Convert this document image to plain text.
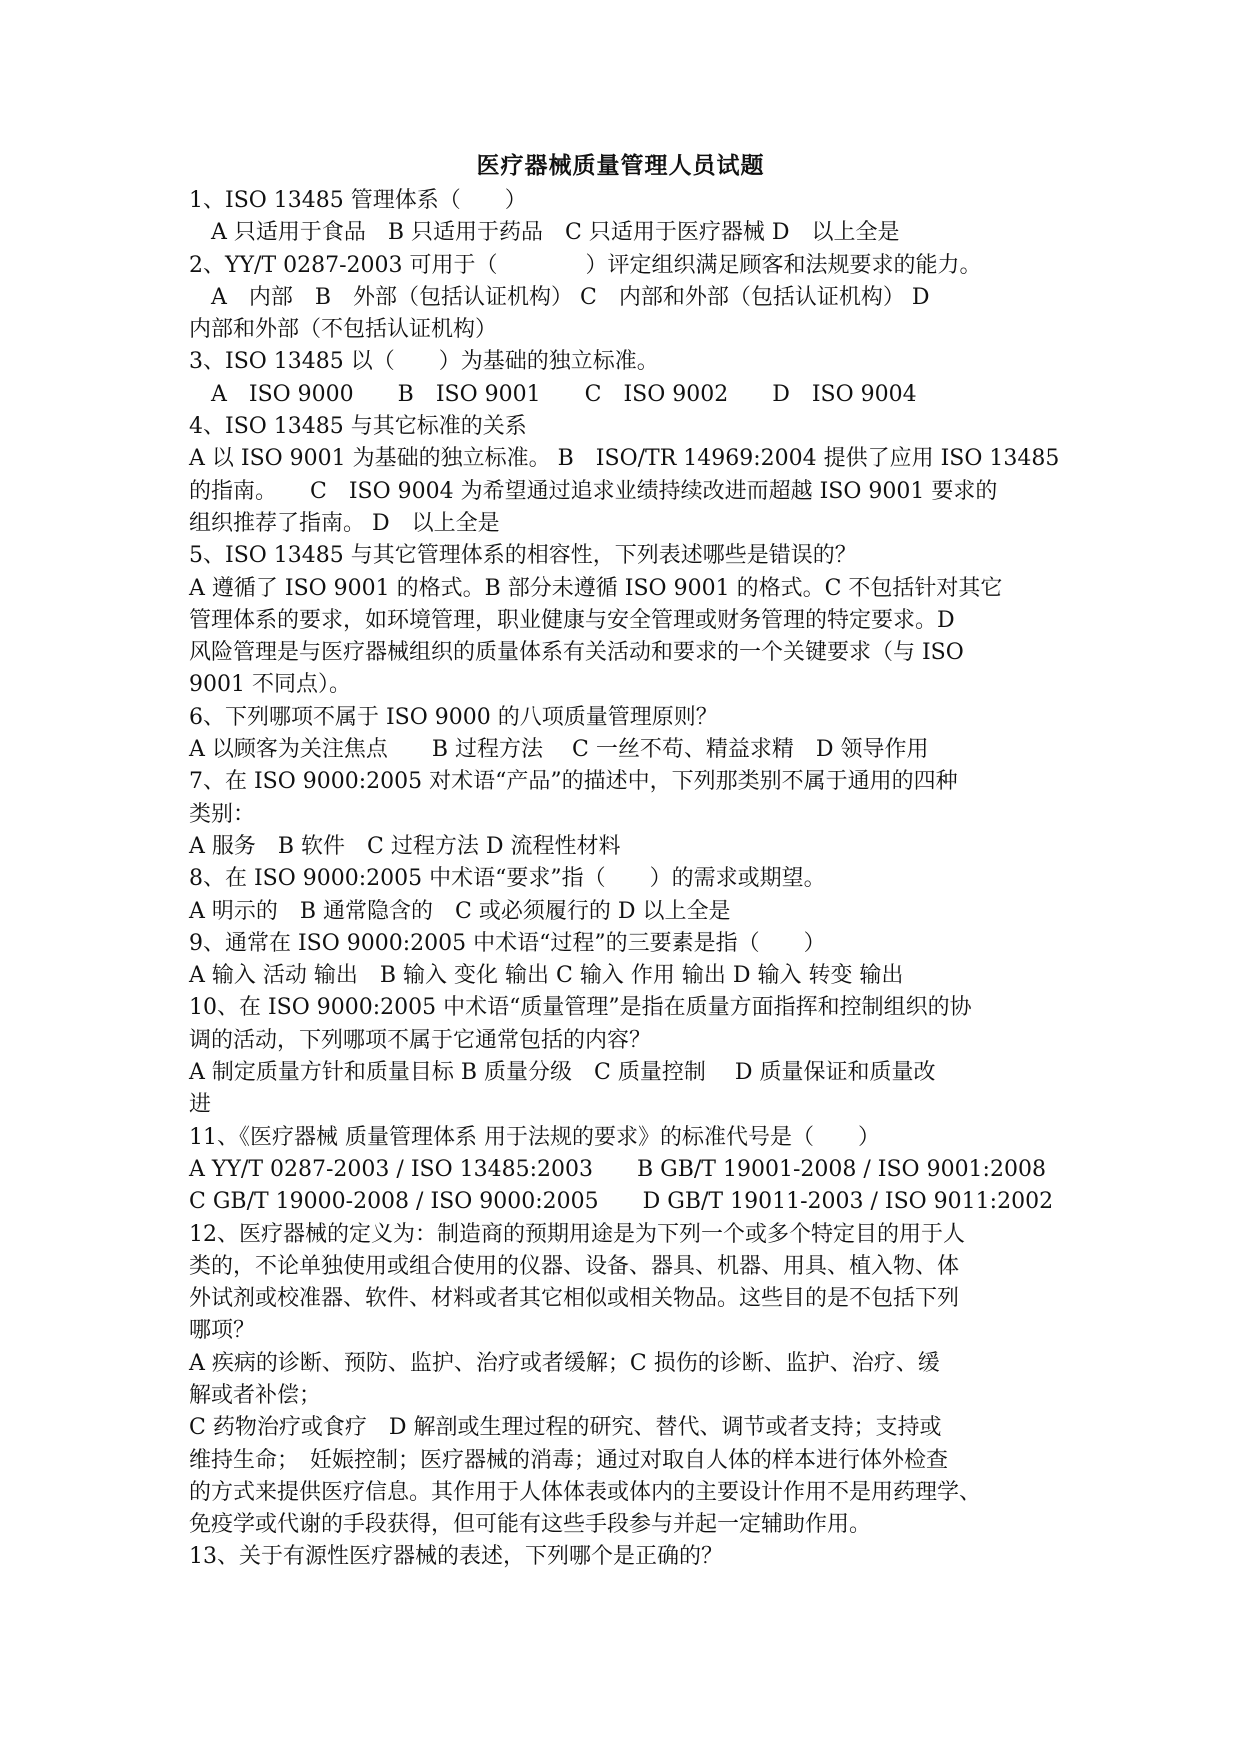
医疗器械质量管理人员试题
1、ISO 13485 管理体系（　　）
　A 只适用于食品　B 只适用于药品　C 只适用于医疗器械 D　以上全是
2、YY/T 0287-2003 可用于（　　　　）评定组织满足顾客和法规要求的能力。
　A　内部　B　外部（包括认证机构） C　内部和外部（包括认证机构） D
内部和外部（不包括认证机构）
3、ISO 13485 以（　　）为基础的独立标准。
　A　ISO 9000　　B　ISO 9001　　C　ISO 9002　　D　ISO 9004
4、ISO 13485 与其它标准的关系
A 以 ISO 9001 为基础的独立标准。 B　ISO/TR 14969:2004 提供了应用 ISO 13485
的指南。　　C　ISO 9004 为希望通过追求业绩持续改进而超越 ISO 9001 要求的
组织推荐了指南。 D　以上全是
5、ISO 13485 与其它管理体系的相容性，下列表述哪些是错误的？
A 遵循了 ISO 9001 的格式。B 部分未遵循 ISO 9001 的格式。C 不包括针对其它
管理体系的要求，如环境管理，职业健康与安全管理或财务管理的特定要求。D
风险管理是与医疗器械组织的质量体系有关活动和要求的一个关键要求（与 ISO
9001 不同点）。
6、下列哪项不属于 ISO 9000 的八项质量管理原则？
A 以顾客为关注焦点　　B 过程方法　 C 一丝不苟、精益求精　D 领导作用
7、在 ISO 9000:2005 对术语“产品”的描述中，下列那类别不属于通用的四种
类别：
A 服务　B 软件　C 过程方法 D 流程性材料
8、在 ISO 9000:2005 中术语“要求”指（　　）的需求或期望。
A 明示的　B 通常隐含的　C 或必须履行的 D 以上全是
9、通常在 ISO 9000:2005 中术语“过程”的三要素是指（　　）
A 输入 活动 输出　B 输入 变化 输出 C 输入 作用 输出 D 输入 转变 输出
10、在 ISO 9000:2005 中术语“质量管理”是指在质量方面指挥和控制组织的协
调的活动，下列哪项不属于它通常包括的内容？
A 制定质量方针和质量目标 B 质量分级　C 质量控制　 D 质量保证和质量改
进
11、《医疗器械 质量管理体系 用于法规的要求》的标准代号是（　　）
A YY/T 0287-2003 / ISO 13485:2003　　B GB/T 19001-2008 / ISO 9001:2008
C GB/T 19000-2008 / ISO 9000:2005　　D GB/T 19011-2003 / ISO 9011:2002
12、医疗器械的定义为：制造商的预期用途是为下列一个或多个特定目的用于人
类的，不论单独使用或组合使用的仪器、设备、器具、机器、用具、植入物、体
外试剂或校准器、软件、材料或者其它相似或相关物品。这些目的是不包括下列
哪项？
A 疾病的诊断、预防、监护、治疗或者缓解；C 损伤的诊断、监护、治疗、缓
解或者补偿；
C 药物治疗或食疗　D 解剖或生理过程的研究、替代、调节或者支持；支持或
维持生命；　妊娠控制；医疗器械的消毒；通过对取自人体的样本进行体外检查
的方式来提供医疗信息。其作用于人体体表或体内的主要设计作用不是用药理学、
免疫学或代谢的手段获得，但可能有这些手段参与并起一定辅助作用。
13、关于有源性医疗器械的表述，下列哪个是正确的？
